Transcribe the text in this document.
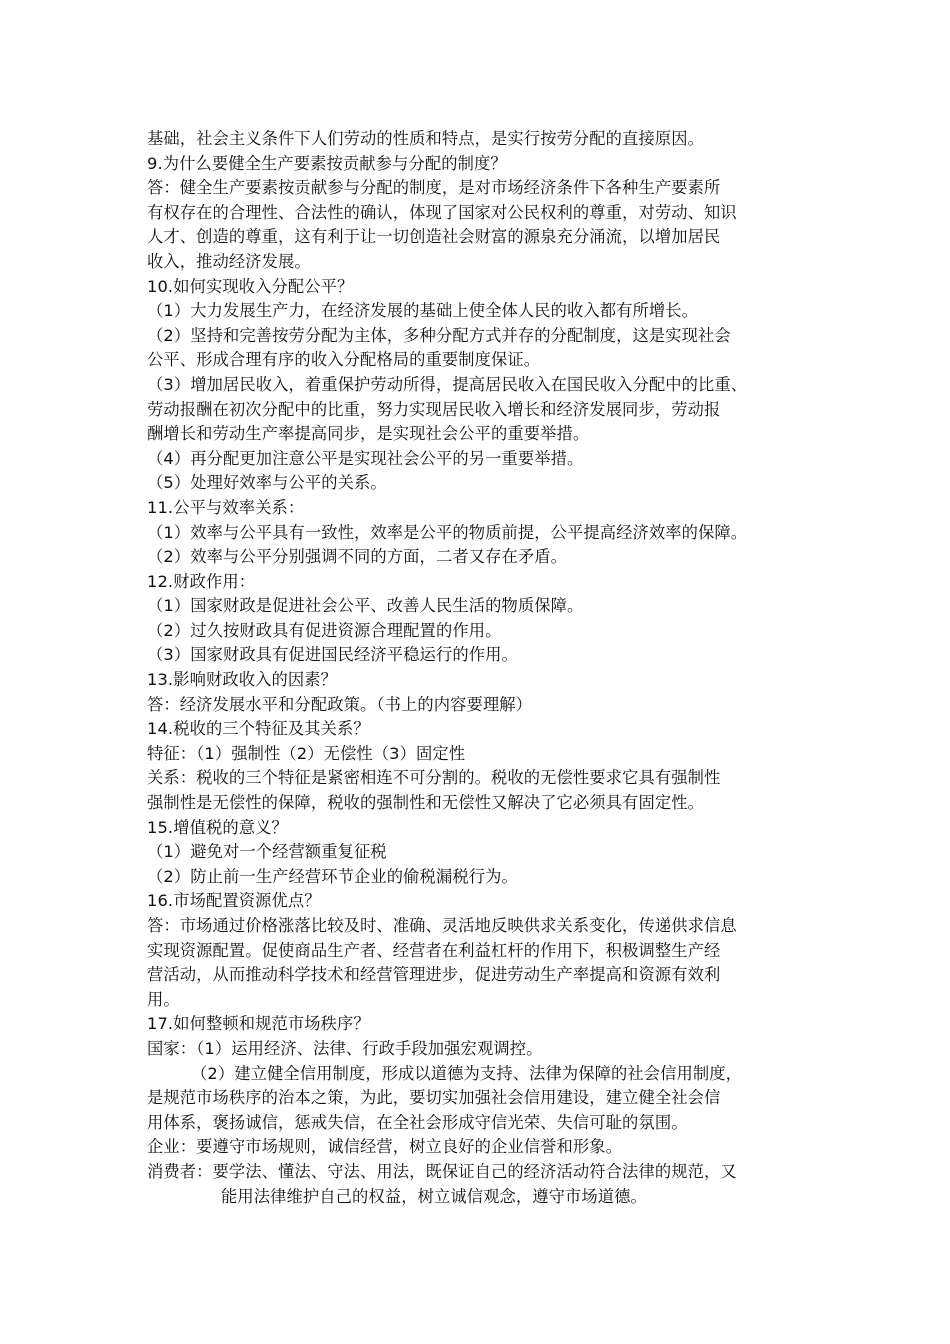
基础，社会主义条件下人们劳动的性质和特点，是实行按劳分配的直接原因。
9.为什么要健全生产要素按贡献参与分配的制度？
答：健全生产要素按贡献参与分配的制度，是对市场经济条件下各种生产要素所
有权存在的合理性、合法性的确认，体现了国家对公民权利的尊重，对劳动、知识
人才、创造的尊重，这有利于让一切创造社会财富的源泉充分涌流，以增加居民
收入，推动经济发展。
10.如何实现收入分配公平？
（1）大力发展生产力，在经济发展的基础上使全体人民的收入都有所增长。
（2）坚持和完善按劳分配为主体，多种分配方式并存的分配制度，这是实现社会
公平、形成合理有序的收入分配格局的重要制度保证。
（3）增加居民收入，着重保护劳动所得，提高居民收入在国民收入分配中的比重、
劳动报酬在初次分配中的比重，努力实现居民收入增长和经济发展同步，劳动报
酬增长和劳动生产率提高同步，是实现社会公平的重要举措。
（4）再分配更加注意公平是实现社会公平的另一重要举措。
（5）处理好效率与公平的关系。
11.公平与效率关系：
（1）效率与公平具有一致性，效率是公平的物质前提，公平提高经济效率的保障。
（2）效率与公平分别强调不同的方面，二者又存在矛盾。
12.财政作用：
（1）国家财政是促进社会公平、改善人民生活的物质保障。
（2）过久按财政具有促进资源合理配置的作用。
（3）国家财政具有促进国民经济平稳运行的作用。
13.影响财政收入的因素？
答：经济发展水平和分配政策。（书上的内容要理解）
14.税收的三个特征及其关系？
特征：（1）强制性（2）无偿性（3）固定性
关系：税收的三个特征是紧密相连不可分割的。税收的无偿性要求它具有强制性
强制性是无偿性的保障，税收的强制性和无偿性又解决了它必须具有固定性。
15.增值税的意义？
（1）避免对一个经营额重复征税
（2）防止前一生产经营环节企业的偷税漏税行为。
16.市场配置资源优点？
答：市场通过价格涨落比较及时、准确、灵活地反映供求关系变化，传递供求信息
实现资源配置。促使商品生产者、经营者在利益杠杆的作用下，积极调整生产经
营活动，从而推动科学技术和经营管理进步，促进劳动生产率提高和资源有效利
用。
17.如何整顿和规范市场秩序？
国家：（1）运用经济、法律、行政手段加强宏观调控。
（2）建立健全信用制度，形成以道德为支持、法律为保障的社会信用制度，
是规范市场秩序的治本之策，为此，要切实加强社会信用建设，建立健全社会信
用体系，褒扬诚信，惩戒失信，在全社会形成守信光荣、失信可耻的氛围。
企业：要遵守市场规则，诚信经营，树立良好的企业信誉和形象。
消费者：要学法、懂法、守法、用法，既保证自己的经济活动符合法律的规范，又
能用法律维护自己的权益，树立诚信观念，遵守市场道德。
